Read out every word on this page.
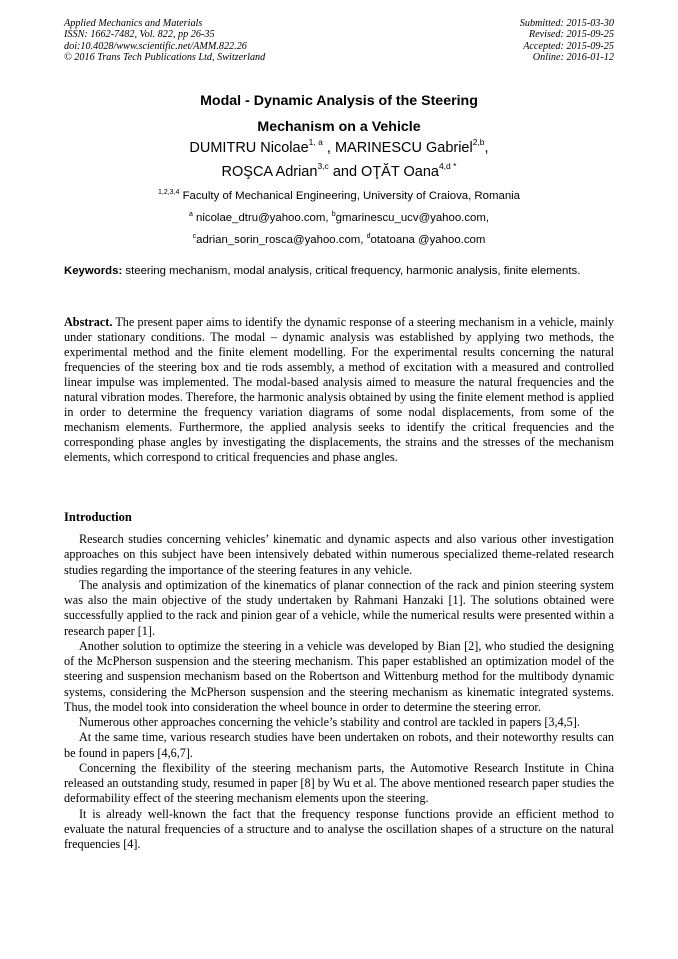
Applied Mechanics and Materials
ISSN: 1662-7482, Vol. 822, pp 26-35
doi:10.4028/www.scientific.net/AMM.822.26
© 2016 Trans Tech Publications Ltd, Switzerland
Submitted: 2015-03-30
Revised: 2015-09-25
Accepted: 2015-09-25
Online: 2016-01-12
Modal - Dynamic Analysis of the Steering
Mechanism on a Vehicle
DUMITRU Nicolae$^{1, a}$ , MARINESCU Gabriel$^{2,b}$,
ROŞCA Adrian$^{3,c}$ and OŢĂT Oana$^{4,d *}$
$^{1,2,3,4}$ Faculty of Mechanical Engineering, University of Craiova, Romania
$^a$ nicolae_dtru@yahoo.com, $^b$gmarinescu_ucv@yahoo.com,
$^c$adrian_sorin_rosca@yahoo.com, $^d$otatoana @yahoo.com
Keywords: steering mechanism, modal analysis, critical frequency, harmonic analysis, finite elements.
Abstract. The present paper aims to identify the dynamic response of a steering mechanism in a vehicle, mainly under stationary conditions. The modal – dynamic analysis was established by applying two methods, the experimental method and the finite element modelling. For the experimental results concerning the natural frequencies of the steering box and tie rods assembly, a method of excitation with a measured and controlled linear impulse was implemented. The modal-based analysis aimed to measure the natural frequencies and the natural vibration modes. Therefore, the harmonic analysis obtained by using the finite element method is applied in order to determine the frequency variation diagrams of some nodal displacements, from some of the mechanism elements. Furthermore, the applied analysis seeks to identify the critical frequencies and the corresponding phase angles by investigating the displacements, the strains and the stresses of the mechanism elements, which correspond to critical frequencies and phase angles.
Introduction

Research studies concerning vehicles’ kinematic and dynamic aspects and also various other investigation approaches on this subject have been intensively debated within numerous specialized theme-related research studies regarding the importance of the steering features in any vehicle.

The analysis and optimization of the kinematics of planar connection of the rack and pinion steering system was also the main objective of the study undertaken by Rahmani Hanzaki [1]. The solutions obtained were successfully applied to the rack and pinion gear of a vehicle, while the numerical results were presented within a research paper [1].

Another solution to optimize the steering in a vehicle was developed by Bian [2], who studied the designing of the McPherson suspension and the steering mechanism. This paper established an optimization model of the steering and suspension mechanism based on the Robertson and Wittenburg method for the multibody dynamic systems, considering the McPherson suspension and the steering mechanism as kinematic integrated systems. Thus, the model took into consideration the wheel bounce in order to determine the steering error.

Numerous other approaches concerning the vehicle’s stability and control are tackled in papers [3,4,5].

At the same time, various research studies have been undertaken on robots, and their noteworthy results can be found in papers [4,6,7].

Concerning the flexibility of the steering mechanism parts, the Automotive Research Institute in China released an outstanding study, resumed in paper [8] by Wu et al. The above mentioned research paper studies the deformability effect of the steering mechanism elements upon the steering.

It is already well-known the fact that the frequency response functions provide an efficient method to evaluate the natural frequencies of a structure and to analyse the oscillation shapes of a structure on the natural frequencies [4].
